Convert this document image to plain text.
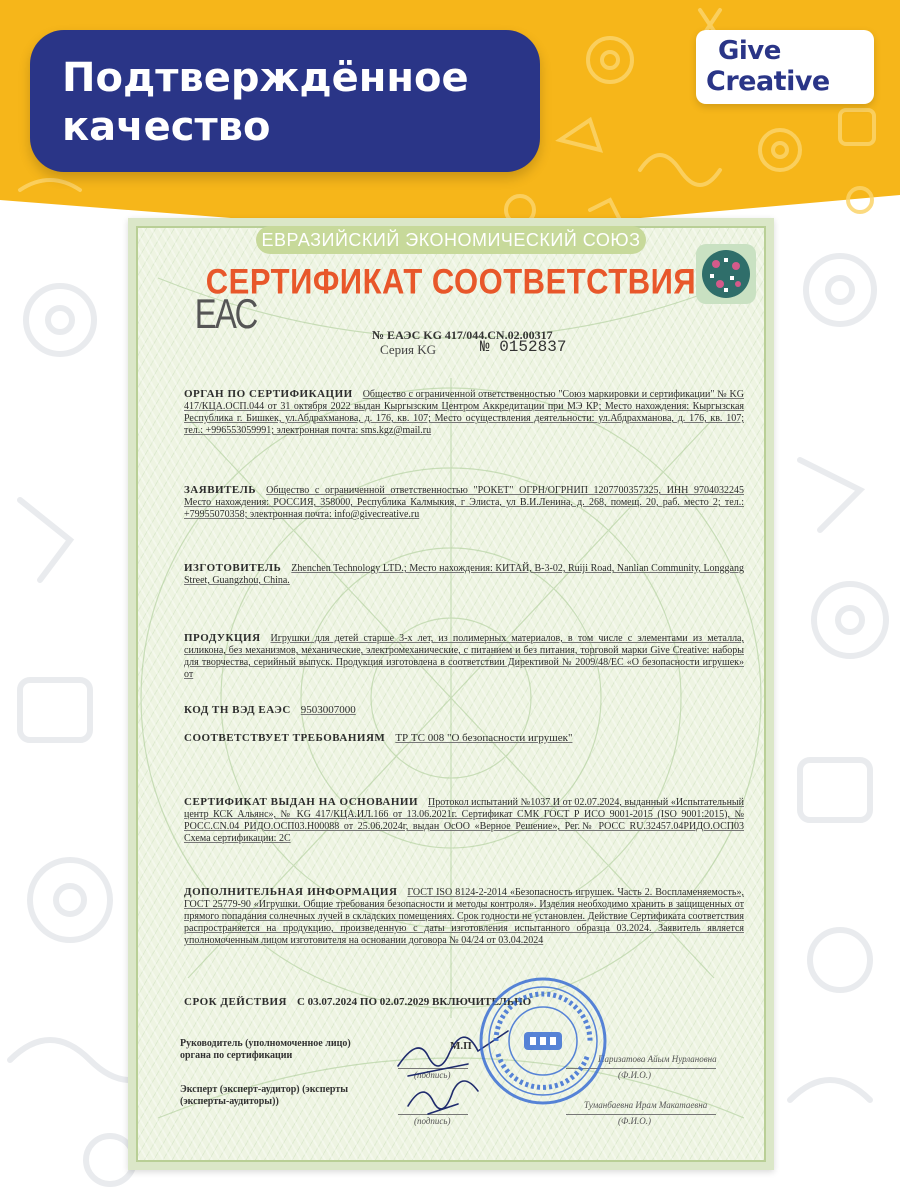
Подтверждённое качество
Give
Creative
ЕВРАЗИЙСКИЙ ЭКОНОМИЧЕСКИЙ СОЮЗ
СЕРТИФИКАТ СООТВЕТСТВИЯ
ЕАС	№ ЕАЭС KG 417/044.CN.02.00317
Серия KG	№ 0152837
ОРГАН ПО СЕРТИФИКАЦИИ Общество с ограниченной ответственностью "Союз маркировки и сертификации" № KG 417/КЦА.ОСП.044 от 31 октября 2022 выдан Кыргызским Центром Аккредитации при МЭ КР; Место нахождения: Кыргызская Республика г. Бишкек, ул.Абдрахманова, д. 176, кв. 107; Место осуществления деятельности: ул.Абдрахманова, д. 176, кв. 107; тел.: +996553059991; электронная почта: sms.kgz@mail.ru
ЗАЯВИТЕЛЬ Общество с ограниченной ответственностью "РОКЕТ" ОГРН/ОГРНИП 1207700357325, ИНН 9704032245 Место нахождения: РОССИЯ, 358000, Республика Калмыкия, г Элиста, ул В.И.Ленина, д. 268, помещ. 20, раб. место 2; тел.: +79955070358; электронная почта: info@givecreative.ru
ИЗГОТОВИТЕЛЬ Zhenchen Technology LTD.; Место нахождения: КИТАЙ, B-3-02, Ruiji Road, Nanlian Community, Longgang Street, Guangzhou, China.
ПРОДУКЦИЯ Игрушки для детей старше 3-х лет, из полимерных материалов, в том числе с элементами из металла, силикона, без механизмов, механические, электромеханические, с питанием и без питания, торговой марки Give Creative: наборы для творчества, серийный выпуск. Продукция изготовлена в соответствии Директивой № 2009/48/ЕС «О безопасности игрушек» от
КОД ТН ВЭД ЕАЭС 9503007000
СООТВЕТСТВУЕТ ТРЕБОВАНИЯМ ТР ТС 008 "О безопасности игрушек"
СЕРТИФИКАТ ВЫДАН НА ОСНОВАНИИ Протокол испытаний №1037 И от 02.07.2024, выданный «Испытательный центр КСК Альянс», № KG 417/КЦА.ИЛ.166 от 13.06.2021г. Сертификат СМК ГОСТ Р ИСО 9001-2015 (ISO 9001:2015), № РОСС.CN.04 РИДО.ОСП03.Н00088 от 25.06.2024г, выдан ОсОО «Верное Решение», Рег.№ РОСС RU.32457.04РИДО.ОСП03 Схема сертификации: 2С
ДОПОЛНИТЕЛЬНАЯ ИНФОРМАЦИЯ ГОСТ ISO 8124-2-2014 «Безопасность игрушек. Часть 2. Воспламеняемость», ГОСТ 25779-90 «Игрушки. Общие требования безопасности и методы контроля». Изделия необходимо хранить в защищенных от прямого попадания солнечных лучей в складских помещениях. Срок годности не установлен. Действие Сертификата соответствия распространяется на продукцию, произведенную с даты изготовления испытанного образца 03.2024. Заявитель является уполномоченным лицом изготовителя на основании договора № 04/24 от 03.04.2024
СРОК ДЕЙСТВИЯ С 03.07.2024 ПО 02.07.2029 ВКЛЮЧИТЕЛЬНО
Руководитель (уполномоченное лицо) органа по сертификации
Эксперт (эксперт-аудитор) (эксперты (эксперты-аудиторы))
Паризатова Айым Нурлановна
(подпись)	(Ф.И.О.)
М.П
Туманбаевна Ирам Макатаевна
(подпись)	(Ф.И.О.)
